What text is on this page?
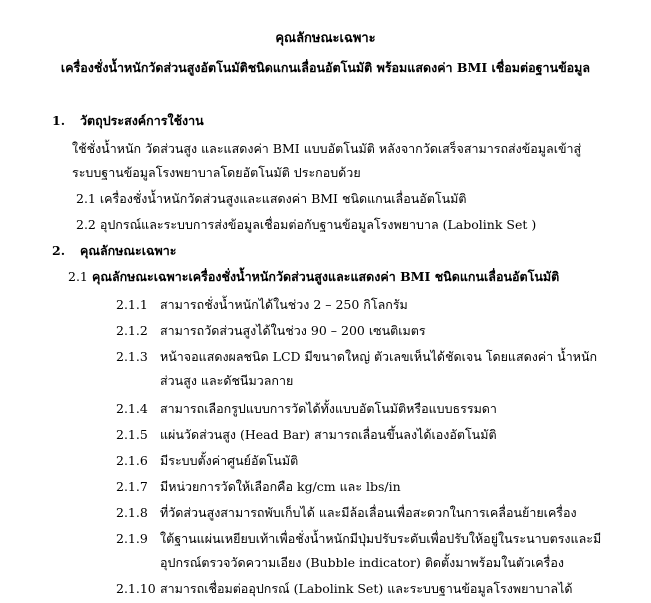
คุณลักษณะเฉพาะ
เครื่องชั่งน้ำหนักวัดส่วนสูงอัตโนมัติชนิดแกนเลื่อนอัตโนมัติ พร้อมแสดงค่า BMI เชื่อมต่อฐานข้อมูล
1. วัตถุประสงค์การใช้งาน
ใช้ชั่งน้ำหนัก วัดส่วนสูง และแสดงค่า BMI แบบอัตโนมัติ หลังจากวัดเสร็จสามารถส่งข้อมูลเข้าสู่
ระบบฐานข้อมูลโรงพยาบาลโดยอัตโนมัติ ประกอบด้วย
2.1 เครื่องชั่งน้ำหนักวัดส่วนสูงและแสดงค่า BMI ชนิดแกนเลื่อนอัตโนมัติ
2.2 อุปกรณ์และระบบการส่งข้อมูลเชื่อมต่อกับฐานข้อมูลโรงพยาบาล (Labolink Set )
2. คุณลักษณะเฉพาะ
2.1 คุณลักษณะเฉพาะเครื่องชั่งน้ำหนักวัดส่วนสูงและแสดงค่า BMI ชนิดแกนเลื่อนอัตโนมัติ
2.1.1 สามารถชั่งน้ำหนักได้ในช่วง 2 – 250 กิโลกรัม
2.1.2 สามารถวัดส่วนสูงได้ในช่วง 90 – 200 เซนติเมตร
2.1.3 หน้าจอแสดงผลชนิด LCD มีขนาดใหญ่ ตัวเลขเห็นได้ชัดเจน โดยแสดงค่า น้ำหนัก
ส่วนสูง และดัชนีมวลกาย
2.1.4 สามารถเลือกรูปแบบการวัดได้ทั้งแบบอัตโนมัติหรือแบบธรรมดา
2.1.5 แผ่นวัดส่วนสูง (Head Bar) สามารถเลื่อนขึ้นลงได้เองอัตโนมัติ
2.1.6 มีระบบตั้งค่าศูนย์อัตโนมัติ
2.1.7 มีหน่วยการวัดให้เลือกคือ kg/cm และ lbs/in
2.1.8 ที่วัดส่วนสูงสามารถพับเก็บได้ และมีล้อเลื่อนเพื่อสะดวกในการเคลื่อนย้ายเครื่อง
2.1.9 ใต้ฐานแผ่นเหยียบเท้าเพื่อชั่งน้ำหนักมีปุ่มปรับระดับเพื่อปรับให้อยู่ในระนาบตรงและมี
อุปกรณ์ตรวจวัดความเอียง (Bubble indicator) ติดตั้งมาพร้อมในตัวเครื่อง
2.1.10 สามารถเชื่อมต่ออุปกรณ์ (Labolink Set) และระบบฐานข้อมูลโรงพยาบาลได้
